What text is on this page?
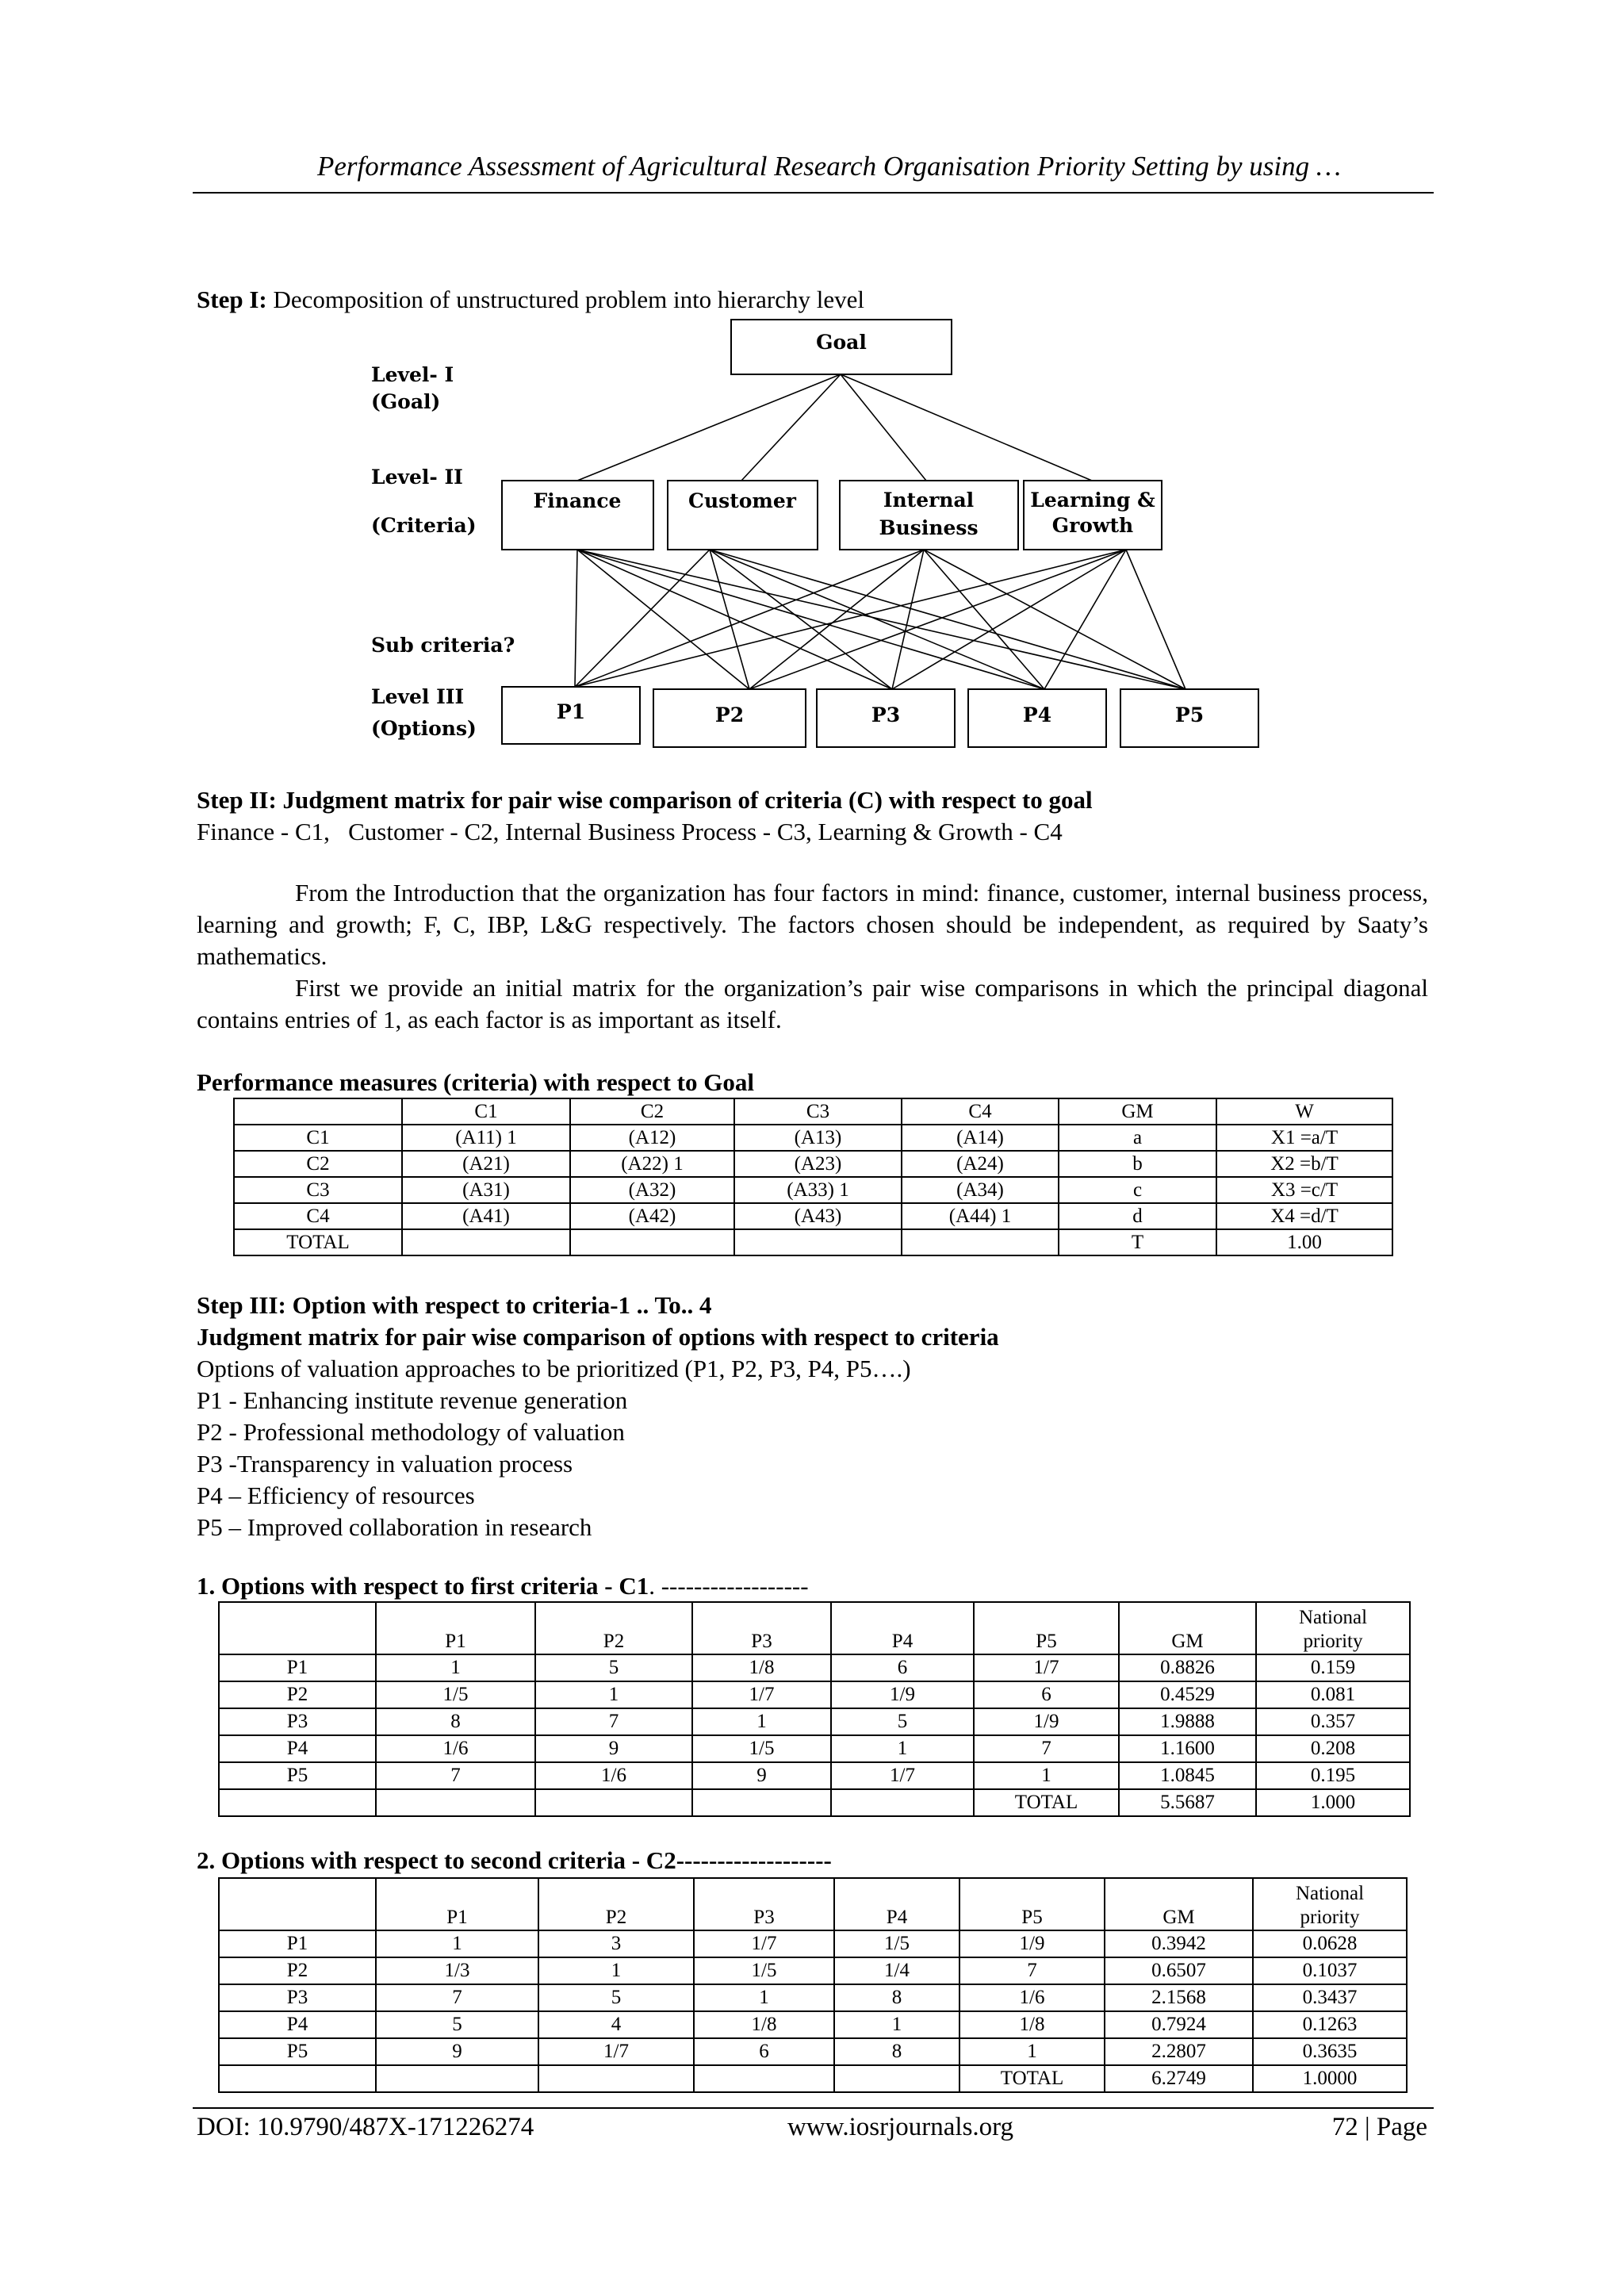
Performance Assessment of Agricultural Research Organisation Priority Setting by using …
Step I: Decomposition of unstructured problem into hierarchy level
Goal
Finance	Customer	Internal
Business
Learning &
Growth
P1	P2	P3	P4	P5
Level- I
(Goal)
Level- II
(Criteria)
Sub criteria?
Level III
(Options)
Step II: Judgment matrix for pair wise comparison of criteria (C) with respect to goal
Finance - C1,   Customer - C2, Internal Business Process - C3, Learning & Growth - C4
From the Introduction that the organization has four factors in mind: finance, customer, internal business process, learning and growth; F, C, IBP, L&G respectively. The factors chosen should be independent, as required by Saaty’s mathematics.
First we provide an initial matrix for the organization’s pair wise comparisons in which the principal diagonal contains entries of 1, as each factor is as important as itself.
Performance measures (criteria) with respect to Goal
	C1	C2	C3	C4	GM	W
C1	(A11) 1	(A12)	(A13)	(A14)	a	X1 =a/T
C2	(A21)	(A22) 1	(A23)	(A24)	b	X2 =b/T
C3	(A31)	(A32)	(A33) 1	(A34)	c	X3 =c/T
C4	(A41)	(A42)	(A43)	(A44) 1	d	X4 =d/T
TOTAL					T	1.00
Step III: Option with respect to criteria-1 .. To.. 4
Judgment matrix for pair wise comparison of options with respect to criteria
Options of valuation approaches to be prioritized (P1, P2, P3, P4, P5….)
P1 - Enhancing institute revenue generation
P2 - Professional methodology of valuation
P3 -Transparency in valuation process
P4 – Efficiency of resources
P5 – Improved collaboration in research
1. Options with respect to first criteria - C1. ------------------
	P1	P2	P3	P4	P5	GM	National
priority
P1	1	5	1/8	6	1/7	0.8826	0.159
P2	1/5	1	1/7	1/9	6	0.4529	0.081
P3	8	7	1	5	1/9	1.9888	0.357
P4	1/6	9	1/5	1	7	1.1600	0.208
P5	7	1/6	9	1/7	1	1.0845	0.195
					TOTAL	5.5687	1.000
2. Options with respect to second criteria - C2-------------------
	P1	P2	P3	P4	P5	GM	National
priority
P1	1	3	1/7	1/5	1/9	0.3942	0.0628
P2	1/3	1	1/5	1/4	7	0.6507	0.1037
P3	7	5	1	8	1/6	2.1568	0.3437
P4	5	4	1/8	1	1/8	0.7924	0.1263
P5	9	1/7	6	8	1	2.2807	0.3635
					TOTAL	6.2749	1.0000
DOI: 10.9790/487X-171226274	www.iosrjournals.org	72 | Page
